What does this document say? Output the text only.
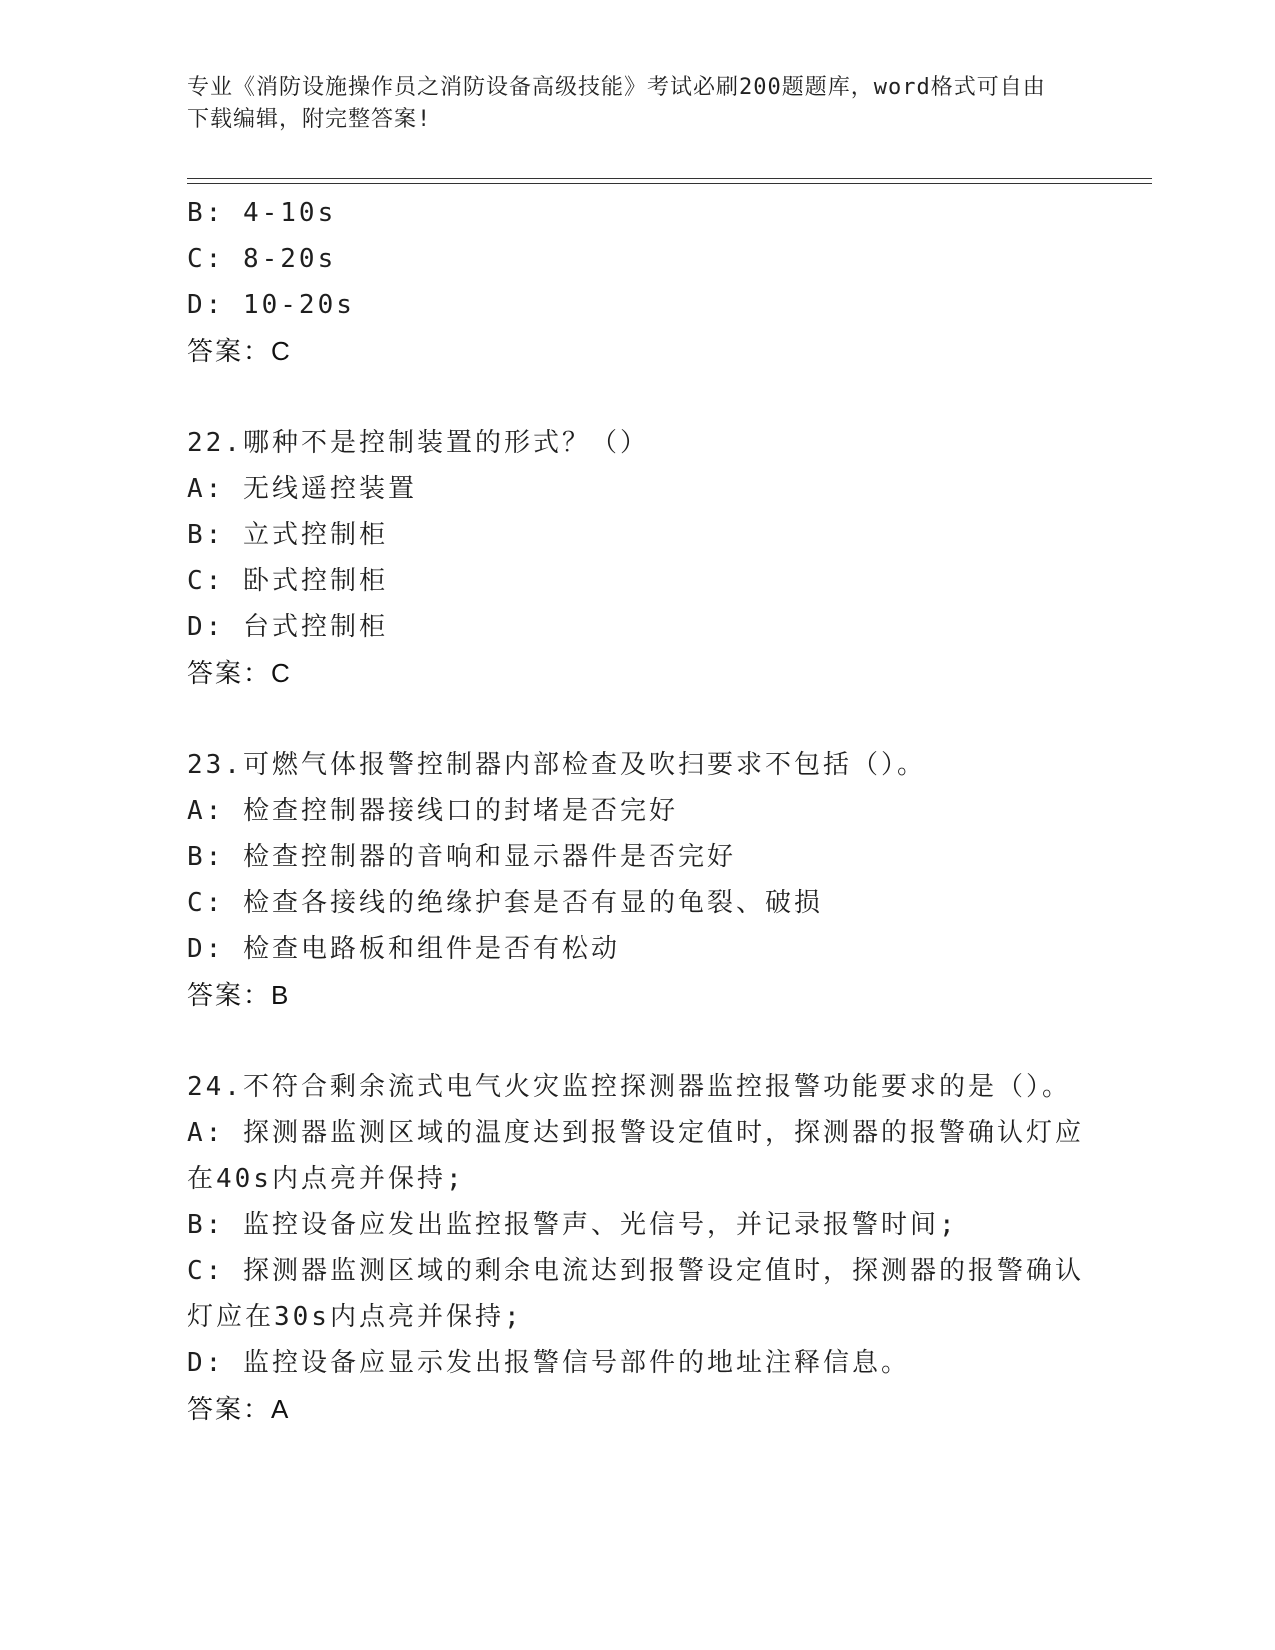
专业《消防设施操作员之消防设备高级技能》考试必刷200题题库，word格式可自由下载编辑，附完整答案!
B: 4-10s
C: 8-20s
D: 10-20s
答案：C
22.哪种不是控制装置的形式？（）
A: 无线遥控装置
B: 立式控制柜
C: 卧式控制柜
D: 台式控制柜
答案：C
23.可燃气体报警控制器内部检查及吹扫要求不包括（）。
A: 检查控制器接线口的封堵是否完好
B: 检查控制器的音响和显示器件是否完好
C: 检查各接线的绝缘护套是否有显的龟裂、破损
D: 检查电路板和组件是否有松动
答案：B
24.不符合剩余流式电气火灾监控探测器监控报警功能要求的是（）。
A: 探测器监测区域的温度达到报警设定值时，探测器的报警确认灯应在40s内点亮并保持;
B: 监控设备应发出监控报警声、光信号，并记录报警时间;
C: 探测器监测区域的剩余电流达到报警设定值时，探测器的报警确认灯应在30s内点亮并保持;
D: 监控设备应显示发出报警信号部件的地址注释信息。
答案：A
